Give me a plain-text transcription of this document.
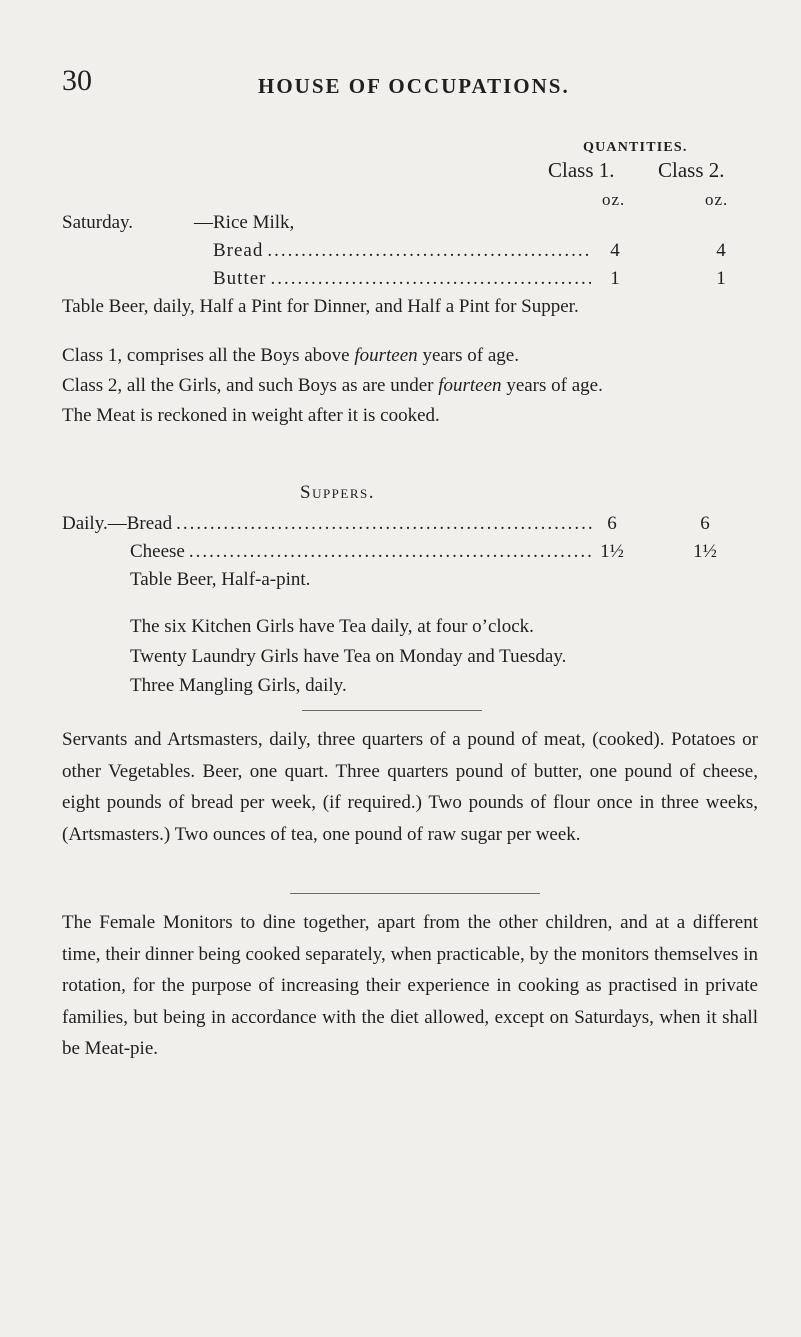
30	HOUSE OF OCCUPATIONS.
QUANTITIES.
Class 1. Class 2.
oz.	oz.
Saturday.	—Rice Milk,
Bread .....	4	4
Butter .....	1	1
Table Beer, daily, Half a Pint for Dinner, and Half a Pint for Supper.
Class 1, comprises all the Boys above fourteen years of age.
Class 2, all the Girls, and such Boys as are under fourteen years of age.
The Meat is reckoned in weight after it is cooked.
Suppers.
Daily.—Bread .....	6	6
Cheese .....	1½	1½
Table Beer, Half-a-pint.
The six Kitchen Girls have Tea daily, at four o’clock.
Twenty Laundry Girls have Tea on Monday and Tuesday.
Three Mangling Girls, daily.
Servants and Artsmasters, daily, three quarters of a pound of meat, (cooked). Potatoes or other Vegetables. Beer, one quart. Three quarters pound of butter, one pound of cheese, eight pounds of bread per week, (if required.) Two pounds of flour once in three weeks, (Artsmasters.) Two ounces of tea, one pound of raw sugar per week.
The Female Monitors to dine together, apart from the other children, and at a different time, their dinner being cooked separately, when practicable, by the monitors themselves in rotation, for the purpose of increasing their experience in cooking as practised in private families, but being in accordance with the diet allowed, except on Saturdays, when it shall be Meat-pie.
